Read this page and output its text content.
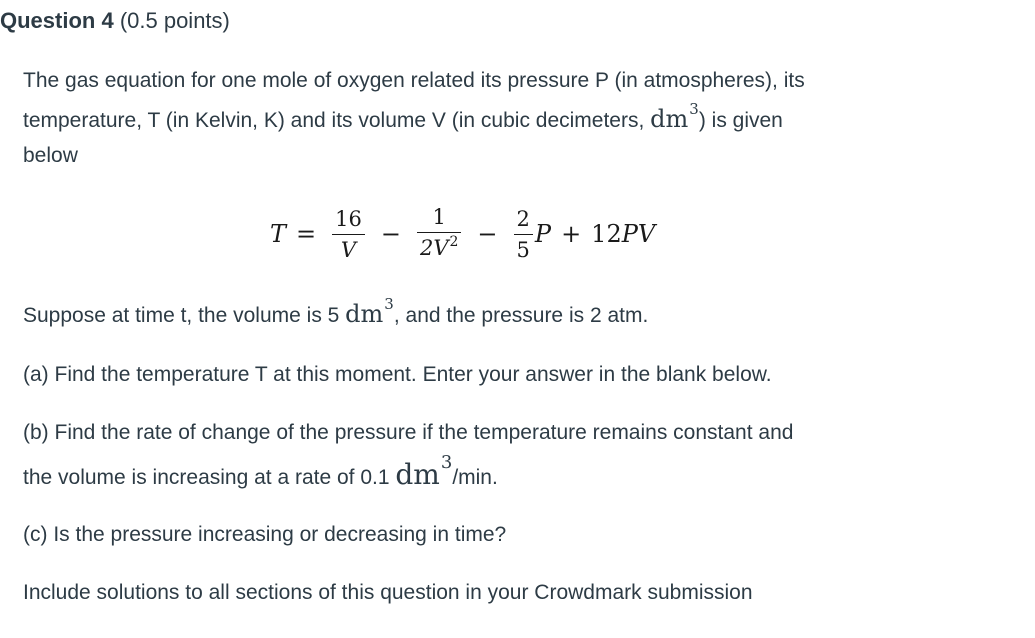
Question 4 (0.5 points)
The gas equation for one mole of oxygen related its pressure P (in atmospheres), its
temperature, T (in Kelvin, K) and its volume V (in cubic decimeters, $dm^3$) is given
below
$T = \frac{16}{V} - \frac{1}{2V^2} - \frac{2}{5}$ P + 12PV
Suppose at time t, the volume is 5 $dm^3$, and the pressure is 2 atm.
(a) Find the temperature T at this moment. Enter your answer in the blank below.
(b) Find the rate of change of the pressure if the temperature remains constant and
the volume is increasing at a rate of 0.1 dm3/min.
(c) Is the pressure increasing or decreasing in time?
Include solutions to all sections of this question in your Crowdmark submission
